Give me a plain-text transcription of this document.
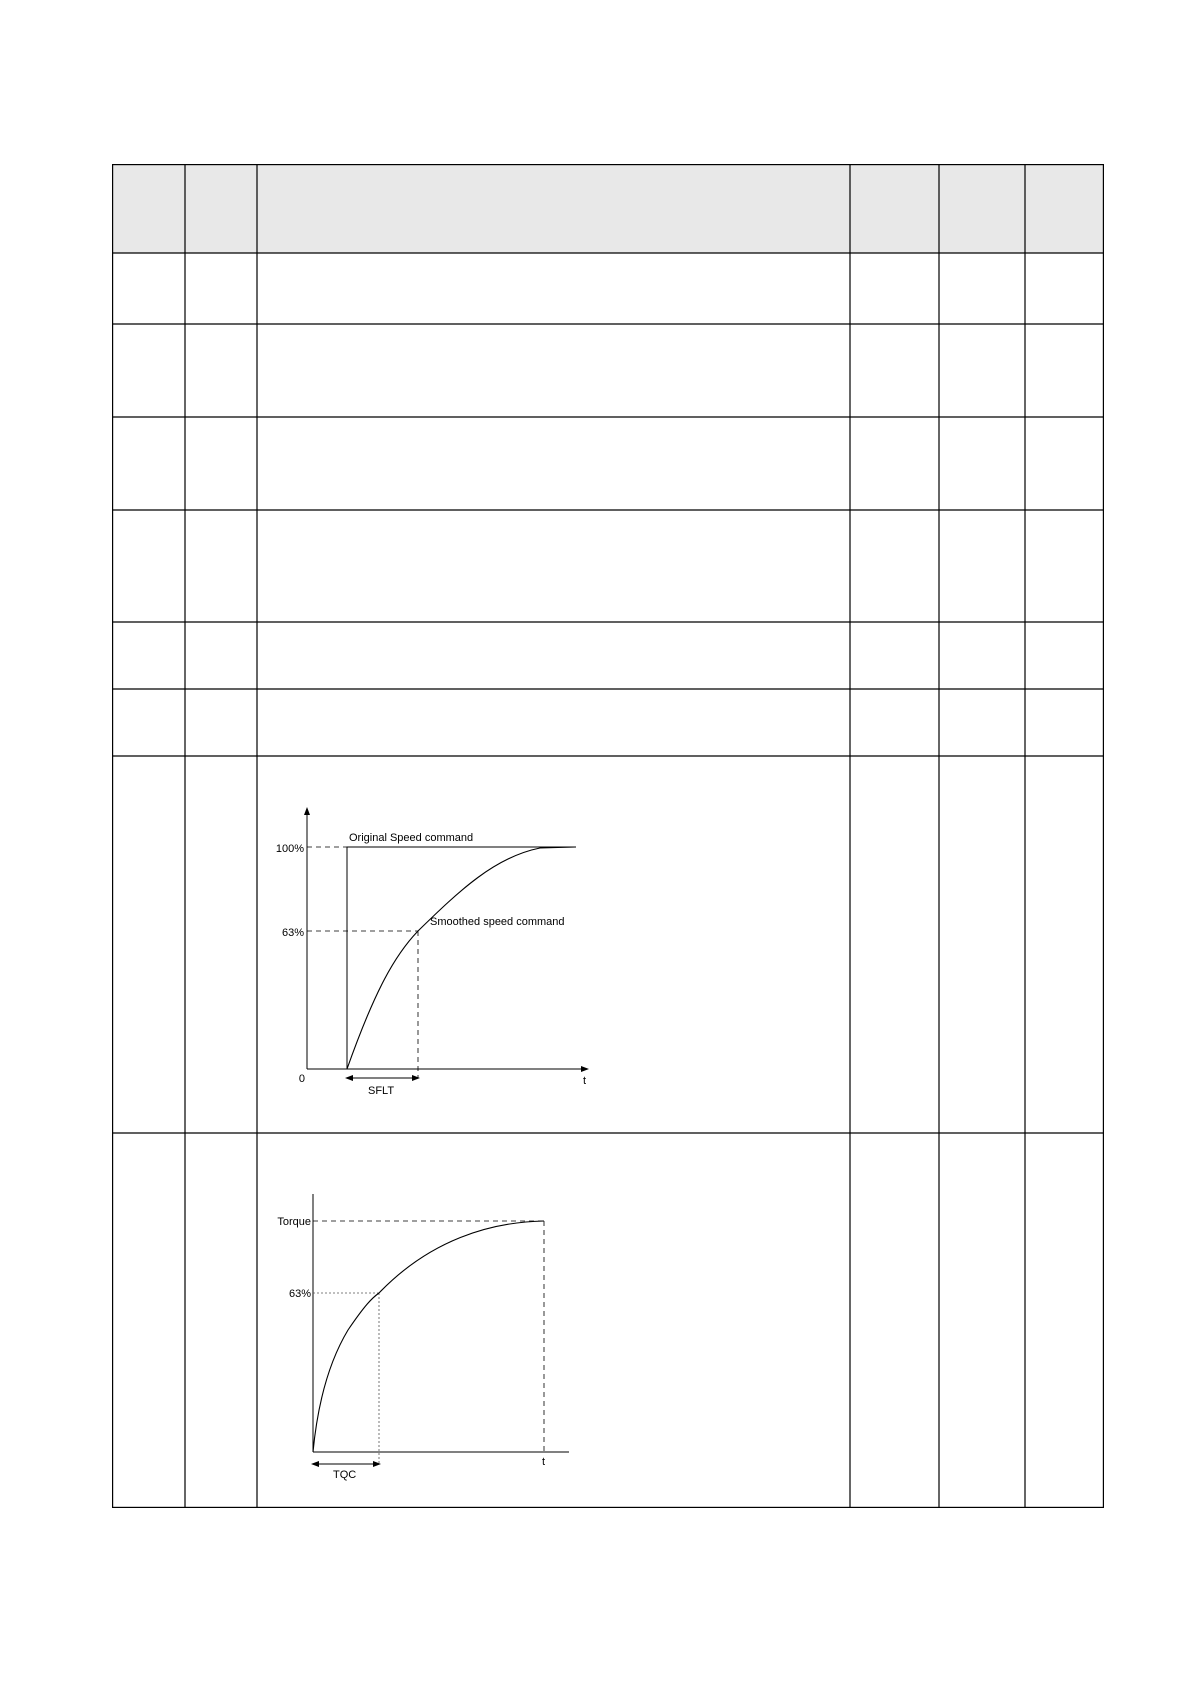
100%
63%
0	t
Original Speed command
Smoothed speed command
SFLT
Torque
63%
t
TQC
